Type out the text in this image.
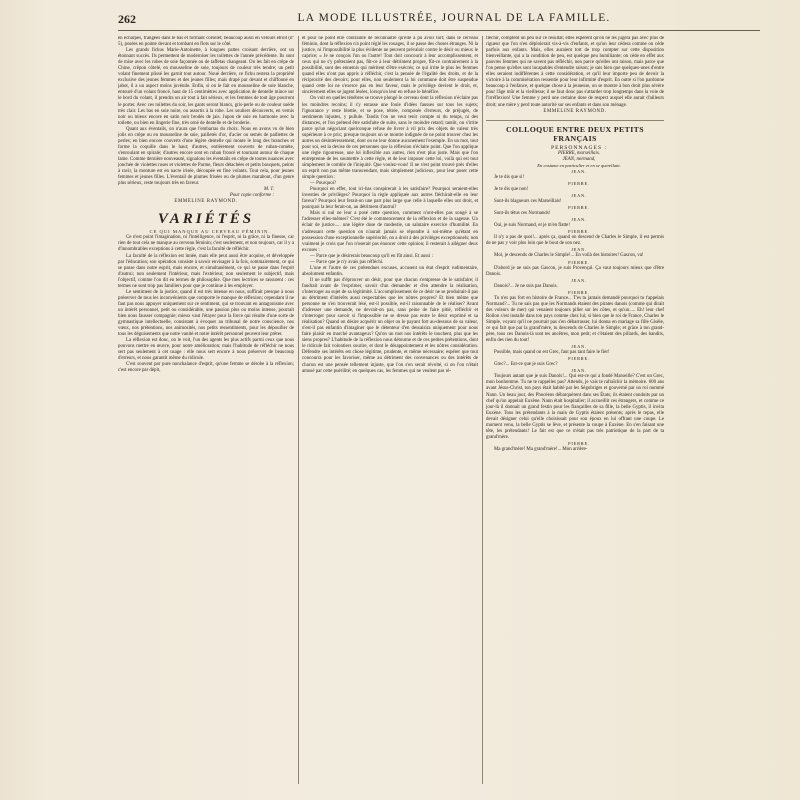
262	LA MODE ILLUSTRÉE, JOURNAL DE LA FAMILLE.

en écharpes, frangées dans le bas et formant corselet; beaucoup aussi en velours étroit (nº 5), posées en pointe devant et tombant en flots sur le côté.

Les grands fichus Marie-Antoinette, à longues pattes croisant derrière, ont un étonnant succès. Ils permettent de moderniser les toilettes de l'année précédente. Ils sont de mise avec les robes de soie façonnée ou de taffetas changeant. On les fait en crêpe de Chine, crêpon côtelé, en mousseline de soie, toujours de couleur très tendre; un petit volant finement plissé les garnit tout autour. Noué derrière, ce fichu restera la propriété exclusive des jeunes femmes et des jeunes filles; mais drapé par devant et chiffonné en jabot, il a un aspect moins juvénile. Enfin, si on le fait en mousseline de soie blanche, entouré d'un volant froncé, haut de 15 centimètres avec application de dentelle mince sur le bord du volant, il prendra un air tout à fait sérieux, et les femmes de tout âge pourront le porter. Avec ces toilettes du soir, les gants seront blancs, gris-perle ou de couleur suède très clair. Les bas en soie noire, ou assortis à la robe. Les souliers découverts, en vernis noir ou mieux encore en satin noir brodés de jais. Jupon de soie en harmonie avec la toilette, ou bien en lingerie fine, très orné de dentelle et de broderie.

Quant aux éventails, on n'aura que l'embarras du choix. Nous en avons vu de bien jolis en crêpe ou en mousseline de soie, pailletés d'or, d'acier ou semés de paillettes de perles; en bien encore couverts d'une légère dentelle qui monte le long des branches et forme la coquille dans le haut; d'autres, entièrement couverts de ruban-comète, s'enroulant en spirale; d'autres encore sont en ruban froncé et tournant autour de chaque lame. Comme dernière nouveauté, signalons les éventails en crêpe de toutes nuances avec jonchée de violettes roses et violettes de Parme, fleurs détachées et petits bouquets, peints à ravir, la monture est en nacre irisée, découpée en fine volants. Tout cela, pour jeunes femmes et jeunes filles. L'éventail de plumes frisées ou de plumes marabout, d'un genre plus sérieux, reste toujours très en faveur.

M. T.

Pour copie conforme :

EMMELINE RAYMOND.

VARIÉTÉS

CE QUI MANQUE AU CERVEAU FÉMININ.

Ce n'est point l'imagination, ni l'intelligence, ni l'esprit, ni la grâce, ni la finesse, car rien de tout cela ne manque au cerveau féminin; c'est seulement, et non toujours, car il y a d'innombrables exceptions à cette règle, c'est la faculté de réfléchir.

La faculté de la réflexion est innée, mais elle peut aussi être acquise, et développée par l'éducation; son opération consiste à savoir envisager à la fois, sommairement, ce qui se passe dans notre esprit, mais encore, et simultanément, ce qui se passe dans l'esprit d'autrui; non seulement l'intérieur, mais l'extérieur, non seulement le subjectif, mais l'objectif, comme l'on dit en termes de philosophie. Que mes lectrices se rassurent : ces termes ne sont trop pas familiers pour que je continue à les employer.

Le sentiment de la justice, quand il est très intense en nous, suffirait presque à nous préserver de tous les inconvénients que comporte le manque de réflexion; cependant il ne faut pas nous appuyer uniquement sur ce sentiment, qui se trouvant en antagonisme avec un intérêt personnel, petit ou considérable, une passion plus ou moins intense, pourrait bien nous fausser compagnie; mieux vaut l'étayer pour la force qui résulte d'une sorte de gymnastique intellectuelle, consistant à évoquer au tribunal de notre conscience, nos vœux, nos prétentions, nos animosités, nos petits ressentiments, pour les dépouiller de tous les déguisements que notre vanité et notre intérêt personnel peuvent leur prêter.

La réflexion est donc, on le voit, l'un des agents les plus actifs parmi ceux que nous pouvons mettre en œuvre, pour notre amélioration; mais l'habitude de réfléchir ne nous sert pas seulement à cet usage : elle nous sert encore à nous préserver de beaucoup d'erreurs, et nous garantit même du ridicule.

C'est souvent par pure nonchalance d'esprit, qu'une femme se dérobe à la réflexion; c'est encore par dépit,

et pour ne point être contrainte de reconnaître qu'elle a pu avoir tort; dans le cerveau féminin, dont la réflexion n'a point réglé les rouages, il se passe des choses étranges. Ni la justice, ni l'impossibilité la plus évidente ne peuvent prévaloir contre le désir ou mieux le caprice; « Je ne conçois l'un ou l'autre! Tout doit concourir à leur accomplissement, et ceux qui ne s'y prêteraient pas, fût-ce à leur détriment propre, fût-ce contrairement à la possibilité, sont des ennemis qui méritent d'être exécrés; ce qui irrite le plus les femmes quand elles n'ont pas appris à réfléchir, c'est la pensée de l'égalité des droits, et de la réciprocité des devoirs; pour elles, non seulement la loi commune doit être suspendue quand cette loi ne s'exerce pas en leur faveur, mais le privilège devient le droit, et, sincèrement elles se jugent lésées, lorsqu'on leur en refuse le bénéfice.

On voit en quelles ténèbres se trouve plongé le cerveau dont la réflexion n'éclaire pas les moindres recoins; il s'y entasse une foule d'idées fausses sur tous les sujets; l'ignorance y reste blottie, et se pose, tétrée, composée d'erreurs, de préjugés, de sentiments injustes, y pullule. Tandis l'on ne veut tenir compte ni du temps, ni des distances, et l'on prétend être satisfaite de suite, sans le moindre retard; tantôt, on s'irrite parce qu'un négociant quelconque refuse de livrer à vil prix des objets de valeur très supérieure à ce prix; presque toujours on se montre indignée de ne point trouver chez les autres un désintéressement, dont on ne leur donne aucunement l'exemple. En un mot, tout pour soi, est la devise de ces personnes que la réflexion n'éclaire point. Que l'on applique une règle rigoureuse, une loi inflexible aux autres, rien n'est plus juste. Mais que l'on entreprenne de les soumettre à cette règle, et de leur imposer cette loi, voilà qui est tout simplement le comble de l'iniquité. Que voulez-vous! Il ne s'est point trouvé près d'elles un esprit non pas même transcendant, mais simplement judicieux, pour leur poser cette simple question :

— Pourquoi?

Pourquoi en effet, tout ici-bas conspirerait à les satisfaire? Pourquoi seraient-elles investies de privilèges? Pourquoi la règle appliquée aux autres fléchirait-elle en leur faveur? Pourquoi leur ferait-on une part plus large que celle à laquelle elles ont droit, et pourquoi la leur ferait-on, au détriment d'autrui?

Mais si nul ne leur a posé cette question, comment n'ont-elles pas songé à se l'adresser elles-mêmes? C'est été le commencement de la réflexion et de la sagesse. Un éclair de justice..... une légère dose de modestie, un salutaire exercice d'humilité. En s'adressant cette question on n'aurait jamais se répondre à soi-même qu'étant en possession d'une exceptionnelle supériorité, on a droit à des privilèges exceptionnels; non vraiment je crois que l'on n'oserait pas énoncer cette opinion; il resterait à alléguer deux excuses :

— Parce que je désirerais beaucoup qu'il en fût ainsi. Et aussi :

— Parce que je n'y avais pas réfléchi.

L'une et l'autre de ces prétendues excuses, accusent un état d'esprit rudimentaire, absolument enfantin.

Il ne suffit pas d'éprouver un désir, pour que chacun s'empresse de le satisfaire; il faudrait avant de l'exprimer, savoir d'un demander et d'en attendre la réalisation, s'interroger au sujet de sa légitimité. L'accomplissement de ce désir ne se produirait-il pas au détriment d'intérêts aussi respectables que les nôtres propres? Et bien même que personne ne s'en trouverait lésé, est-il possible, est-il raisonnable de le réaliser? Avant d'adresser une demande, ne devrait-on pas, sans peine de faire pitié, réfléchir et s'interroger pour savoir si l'impossible ne se dresse pas entre le désir exprimé et sa réalisation? Quand on désire acquérir un objet ou le payant fort au-dessous de sa valeur, n'est-il pas enfantin d'imaginer que le détenteur d'en dessaisira uniquement pour nous faire plaisir en marché avantageux? Qu'on un mot nos intérêts le touchent, plus que les siens propres? L'habitude de la réflexion nous détourne et de ces petites prétentions, dont le ridicule fait volontiers sourire, et dont le désappointement et les nôtres considération. Défendre ses intérêts est chose légitime, prudente, et même nécessaire; espérer que tout concourra pour les favoriser, même au détriment des convenances ou des intérêts de chacun est une pensée tellement injuste, que l'on s'en serait révolté, si on l'on n'était amusé par cette puérilité; en quelques cas, les femmes qui ne veulent pas ré-

fléchir, comptent un peu sur ce résultat; elles espèrent qu'on ne les jugera pas avec plus de rigueur que l'on n'en déploierait vis-à-vis d'enfants, et qu'on leur cédera comme on cède parfois aux enfants. Mais, elles auraient tort de trop compter sur cette disposition bienveillante, qui a la condition de peu, est quelque peu humiliante; on cède en effet aux pauvres femmes qui ne savent pas réfléchir, non parce qu'elles ont raison, mais parce que l'on pense qu'elles sont incapables d'entendre raison; je sais bien que quelques-unes d'entre elles seraient indifférentes à cette considération, et qu'il leur importe peu de devoir la victoire à la commisération ressentie pour leur infirmité d'esprit. En outre si l'on pardonne beaucoup à l'enfance, et quelque chose à la jeunesse, on se montre à bon droit plus sévère pour l'âge mûr et la vieillesse; il ne faut donc pas s'attarder trop longtemps dans la voie de l'irréflexion! Une femme y perd une certaine dose de respect auquel elle aurait d'ailleurs droit; une mère y perd toute autorité sur ses enfants et dans son ménage.

EMMELINE RAYMOND.

COLLOQUE ENTRE DEUX PETITS FRANÇAIS

PERSONNAGES :

PIERRE, marseillais.

JEAN, normand,

En costume en particulier et en se querellant.

JEAN.

Je te dis que si!

PIERRE.

Je te dis que non!

JEAN.

Sont-ils blagueurs ces Marseillais!

PIERRE.

Sont-ils têtus ces Normands!

JEAN.

Oui, je suis Normand, et je m'en flatte!

PIERRE.

Il n'y a pas de quoi!... après ça, quand on descend de Charles le Simple, il est permis de ne pas y voir plus loin que le bout de son nez.

JEAN.

Moi, je descends de Charles le Simple!... En voilà des histoires! Gascon, va!

PIERRE.

D'abord je ne suis pas Gascon, je suis Provençal. Ça vaut toujours mieux que d'être Danois.

JEAN.

Danois?... Je ne suis pas Danois.

PIERRE.

Tu n'es pas fort en histoire de France... T'es tu jamais demandé pourquoi tu t'appelais Normand?... Tu ne sais pas que les Normands étaient des pirates danois (comme qui dirait des voleurs de mer) qui venaient toujours piller sur les côtes, et qu'un..... Eh! leur chef Rollon s'est installé dans ton pays comme chez lui; si bien que le roi de France, Charles le Simple, voyant qu'il ne pourrait pas s'en débarrasser, lui donna en mariage sa fille Gisèle, ce qui fait que par la grand'mère, tu descends de Charles le Simple; et grâce à ton grand-père, tous ces Danois-là sont tes ancêtres, mon petit; et c'étaient des pillards, des bandits, enfin des rien du tout!

JEAN.

Possible, mais quand on est Grec, faut pas tant faire le fier!

PIERRE.

Grec?... Est-ce que je suis Grec?

JEAN.

Toujours autant que je suis Danois!... Qui est-ce qui a fondé Marseille? C'est un Grec, mon bonhomme. Tu ne te rappelles pas? Attends, je vais te rafraîchir la mémoire. 600 ans avant Jésus-Christ, ton pays était habité par les Ségobriges et gouverné par un roi nommé Nann. Un beau jour, des Phocéens débarquèrent dans ses États; ils étaient conduits par un chef qu'on appelait Euxène. Nann était hospitalier; il accueillit ces étrangers, et comme ce jour-là il donnait un grand festin pour les fiançailles de sa fille, la belle Gyptis, il invita Euxène. Tous les prétendants à la main de Gyptis étaient présents; après le repas, elle devait désigner celui qu'elle choisissait pour son époux en lui offrant une coupe. Le moment venu, la belle Gyptis se lève, et présente la coupe à Euxène. En s'en faisant une tête, les prétendants! Le fait est que ce n'était pas très patriotique de la part de ta grand'mère.

PIERRE.

Ma grand'mère! Ma grand'mère!... Mon arrière-
